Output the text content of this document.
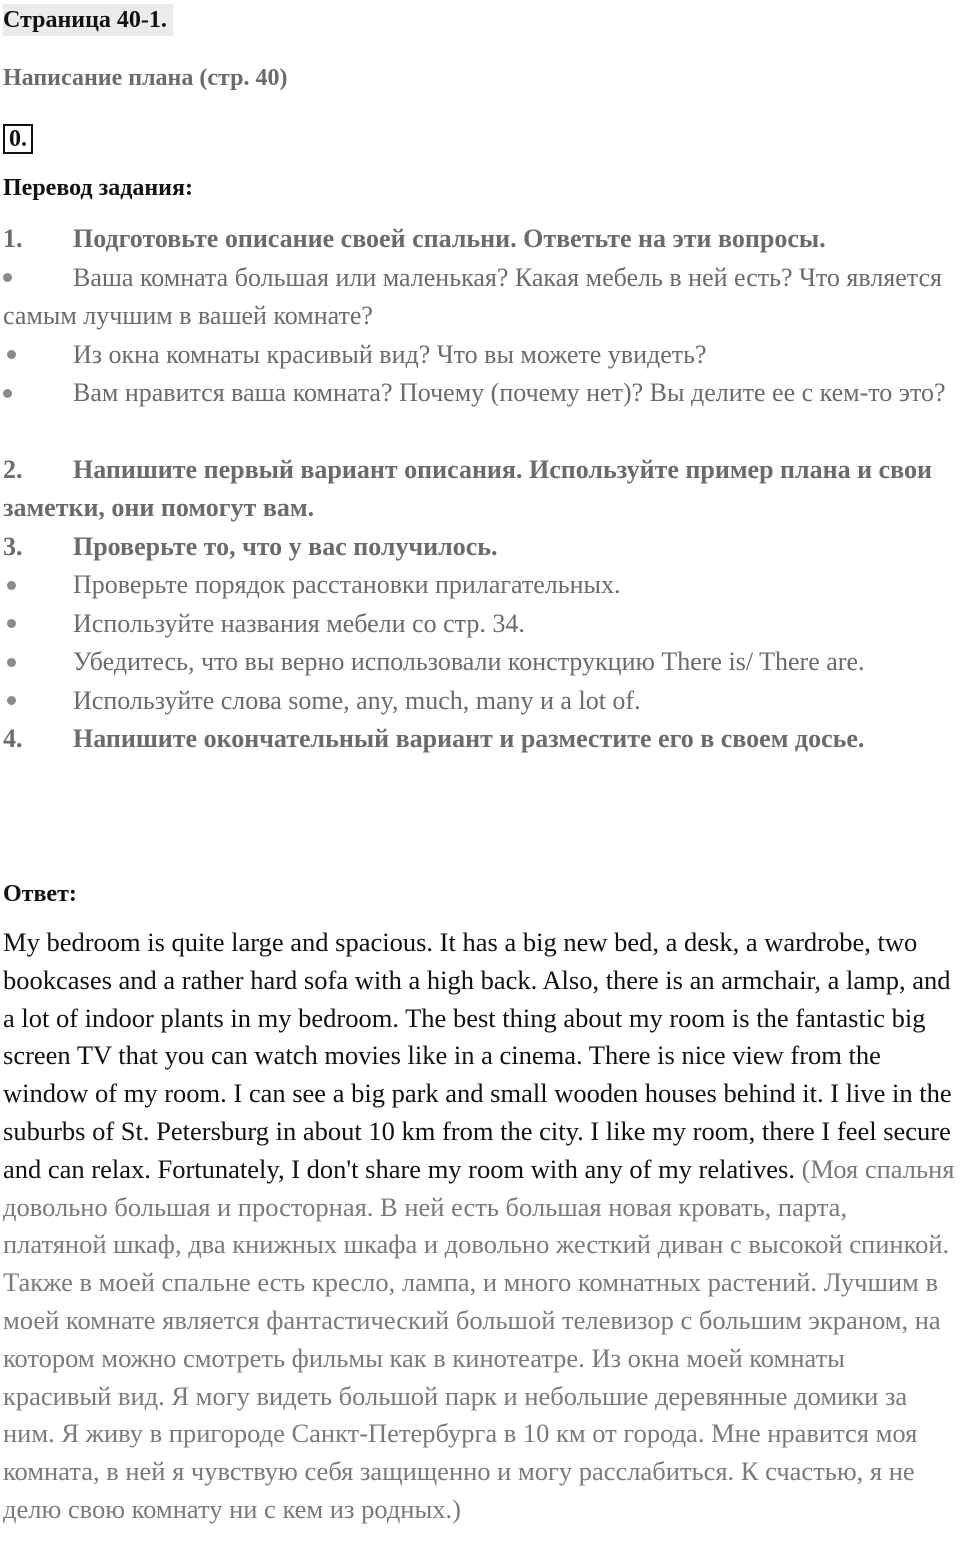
Страница 40-1.
Написание плана (стр. 40)
0.
Перевод задания:
1.	Подготовьте описание своей спальни. Ответьте на эти вопросы.
Ваша комната большая или маленькая? Какая мебель в ней есть? Что является самым лучшим в вашей комнате?
Из окна комнаты красивый вид? Что вы можете увидеть?
Вам нравится ваша комната? Почему (почему нет)? Вы делите ее с кем-то это?
2. Напишите первый вариант описания. Используйте пример плана и свои заметки, они помогут вам.
3.	Проверьте то, что у вас получилось.
Проверьте порядок расстановки прилагательных.
Используйте названия мебели со стр. 34.
Убедитесь, что вы верно использовали конструкцию There is/ There are.
Используйте слова some, any, much, many и a lot of.
4.	Напишите окончательный вариант и разместите его в своем досье.
Ответ:
My bedroom is quite large and spacious. It has a big new bed, a desk, a wardrobe, two bookcases and a rather hard sofa with a high back. Also, there is an armchair, a lamp, and a lot of indoor plants in my bedroom. The best thing about my room is the fantastic big screen TV that you can watch movies like in a cinema. There is nice view from the window of my room. I can see a big park and small wooden houses behind it. I live in the suburbs of St. Petersburg in about 10 km from the city. I like my room, there I feel secure and can relax. Fortunately, I don't share my room with any of my relatives. (Моя спальня довольно большая и просторная. В ней есть большая новая кровать, парта, платяной шкаф, два книжных шкафа и довольно жесткий диван с высокой спинкой. Также в моей спальне есть кресло, лампа, и много комнатных растений. Лучшим в моей комнате является фантастический большой телевизор с большим экраном, на котором можно смотреть фильмы как в кинотеатре. Из окна моей комнаты красивый вид. Я могу видеть большой парк и небольшие деревянные домики за ним. Я живу в пригороде Санкт-Петербурга в 10 км от города. Мне нравится моя комната, в ней я чувствую себя защищенно и могу расслабиться. К счастью, я не делю свою комнату ни с кем из родных.)
